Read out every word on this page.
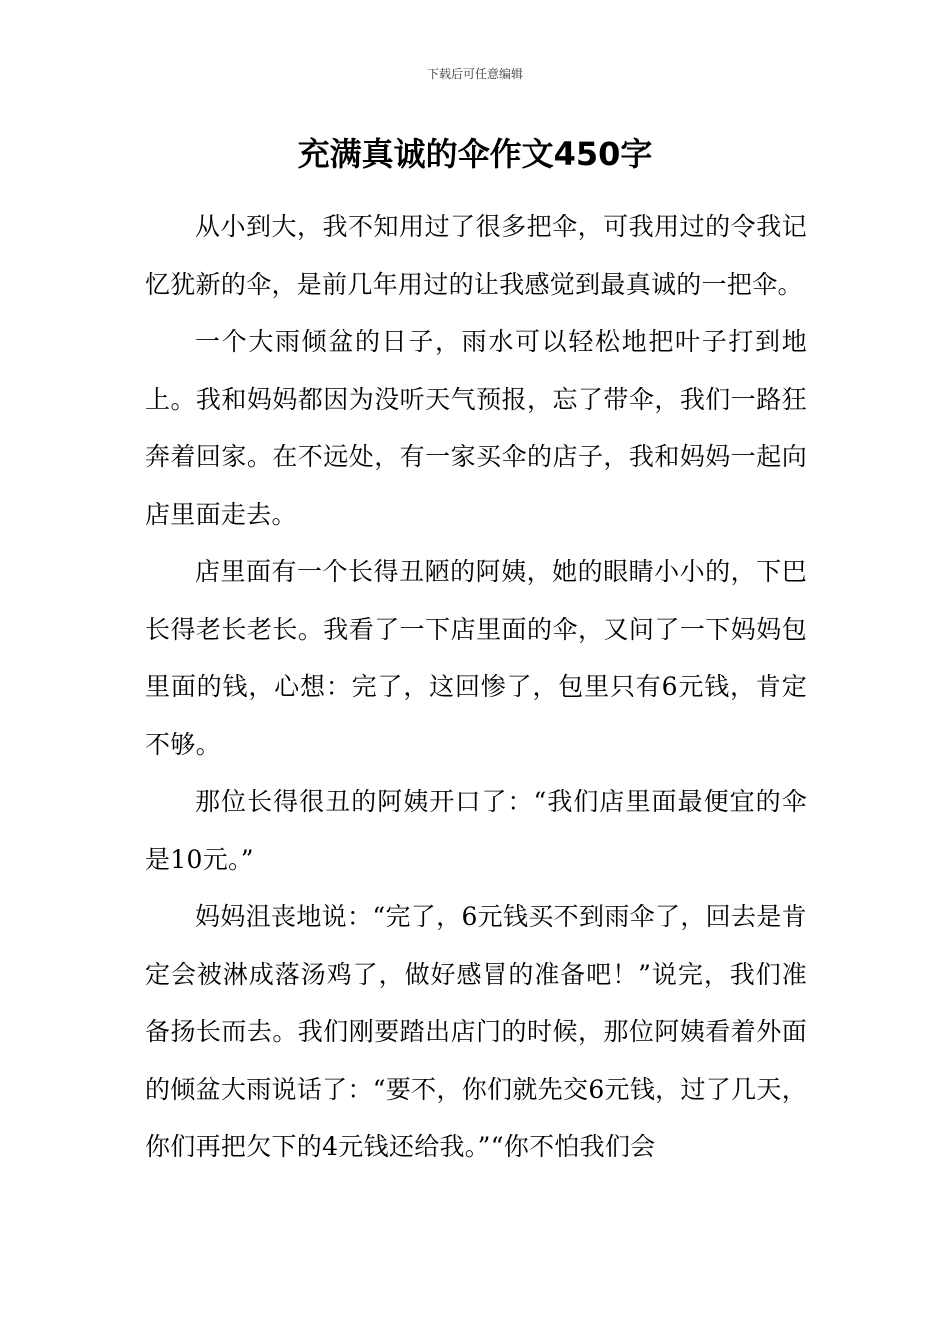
下载后可任意编辑
充满真诚的伞作文450字

从小到大，我不知用过了很多把伞，可我用过的令我记忆犹新的伞，是前几年用过的让我感觉到最真诚的一把伞。

一个大雨倾盆的日子，雨水可以轻松地把叶子打到地上。我和妈妈都因为没听天气预报，忘了带伞，我们一路狂奔着回家。在不远处，有一家买伞的店子，我和妈妈一起向店里面走去。

店里面有一个长得丑陋的阿姨，她的眼睛小小的，下巴长得老长老长。我看了一下店里面的伞，又问了一下妈妈包里面的钱，心想：完了，这回惨了，包里只有6元钱，肯定不够。

那位长得很丑的阿姨开口了：“我们店里面最便宜的伞是10元。”

妈妈沮丧地说：“完了，6元钱买不到雨伞了，回去是肯定会被淋成落汤鸡了，做好感冒的准备吧！”说完，我们准备扬长而去。我们刚要踏出店门的时候，那位阿姨看着外面的倾盆大雨说话了：“要不，你们就先交6元钱，过了几天，你们再把欠下的4元钱还给我。”“你不怕我们会
